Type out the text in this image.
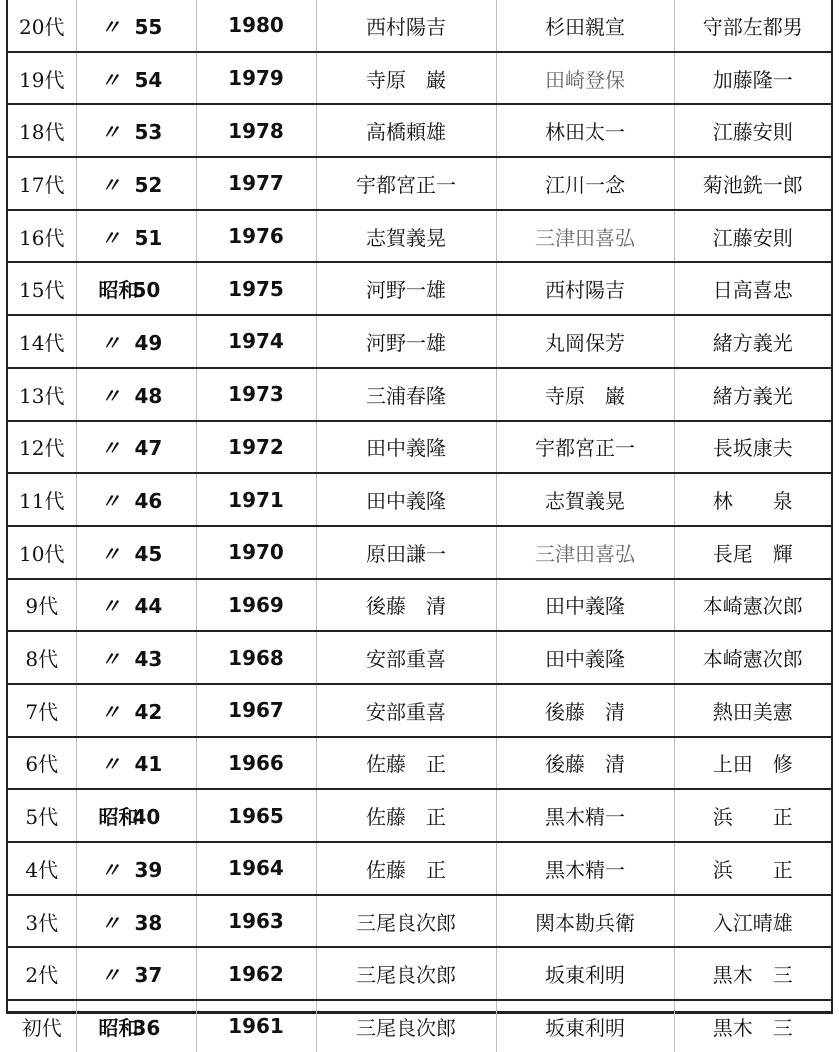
20代	〃 55	1980	西村陽吉	杉田親宣	守部左都男
19代	〃 54	1979	寺原　巌	田崎登保	加藤隆一
18代	〃 53	1978	高橋頼雄	林田太一	江藤安則
17代	〃 52	1977	宇都宮正一	江川一念	菊池銑一郎
16代	〃 51	1976	志賀義晃	三津田喜弘	江藤安則
15代	昭和50	1975	河野一雄	西村陽吉	日高喜忠
14代	〃 49	1974	河野一雄	丸岡保芳	緒方義光
13代	〃 48	1973	三浦春隆	寺原　巌	緒方義光
12代	〃 47	1972	田中義隆	宇都宮正一	長坂康夫
11代	〃 46	1971	田中義隆	志賀義晃	林　　泉
10代	〃 45	1970	原田謙一	三津田喜弘	長尾　輝
9代	〃 44	1969	後藤　清	田中義隆	本崎憲次郎
8代	〃 43	1968	安部重喜	田中義隆	本崎憲次郎
7代	〃 42	1967	安部重喜	後藤　清	熱田美憲
6代	〃 41	1966	佐藤　正	後藤　清	上田　修
5代	昭和40	1965	佐藤　正	黒木精一	浜　　正
4代	〃 39	1964	佐藤　正	黒木精一	浜　　正
3代	〃 38	1963	三尾良次郎	関本勘兵衛	入江晴雄
2代	〃 37	1962	三尾良次郎	坂東利明	黒木　三
初代	昭和36	1961	三尾良次郎	坂東利明	黒木　三
